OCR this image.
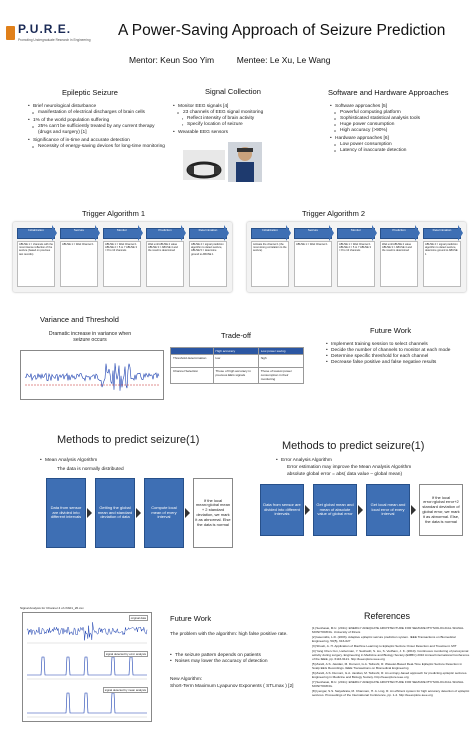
P.U.R.E.
Promoting Undergraduate Research in Engineering
A Power-Saving Approach of Seizure Prediction
Mentor: Keun Soo Yim	Mentee: Le Xu, Le Wang
Epileptic Seizure
• Brief neurological disturbance
o manifestation of electrical discharges of brain cells
• 1% of the world population suffering
o 25% can't be sufficiently treated by any current therapy (drugs and surgery) [1]
• Significance of in-time and accurate detection
o Necessity of energy-saving devices for long-time monitoring
Signal Collection
• Monitor EEG signals [4]
o 23 channels of EEG signal monitoring
▪ Reflect intensity of brain activity
▪ Specify location of seizure
• Wearable EEG sensors
Software and Hardware Approaches
• Software approaches [5]
o Powerful computing platform
o Sophisticated statistical analysis tools
o Huge power consumption
o High accuracy (>90%)
• Hardware approaches [6]
o Low power consumption
o Latency of inaccurate detection
Trigger Algorithm 1
Initialization
ABUSE 1 = channels with the most intense reflection of the seizure (based on previous test records)
Seizure
ABUSE 1 = Wait Channel 1
Monitor
ABUSE 1 = Wait Channel 1 ABUSE 2 = 5 to 7 ABUSE 3 = 8 to 10 channels
Prediction
Wait until ABUSE 2 value ABUSE 3 = ABUSE 4 and the result is determined
Determination
ABUSE 4 = signal prediction algorithm to detect seizure, ABUSE 5 = determine ground to ABUSE 1
Trigger Algorithm 2
Initialization
Activate the channel 1 (the most strong correlation to the seizure)
Seizure
ABUSE 1 = Wait Channel 1
Monitor
ABUSE 1 = Wait Channel 1 ABUSE 2 = 5 to 7 ABUSE 3 = 8 to 10 channels
Prediction
Wait until ABUSE 2 value ABUSE 3 = ABUSE 4 and the result is determined
Determination
ABUSE 4 = signal prediction algorithm to detect seizure, determine ground to ABUSE 1
Variance and Threshold
Dramatic increase in variance when seizure occurs	Trade-off
	High accuracy	Low power saving
Threshold determination	low	high
Channel Selection	Those of high accuracy in previous EEG signals	Those of lowest power consumption in their monitoring
Future Work
• Implement training session to select channels
• Decide the number of channels to monitor at each mode
• Determine specific threshold for each channel
• Decrease false positive and false negative results
Methods to predict seizure(1)
• Mean Analysis Algorithm
The data is normally distributed
Data from sensor are divided into different intervals
Getting the global mean and standard deviation of data
Compute local mean of every interval
If the local mean>global mean + 2 standard deviation, we mark it as abnormal. Else the data is normal
Methods to predict seizure(1)
• Error Analysis Algorithm
Error estimation may improve the Mean Analysis Algorithm
absolute global error = abs( data value – global mean)
Data from sensor are divided into different intervals
Get global mean and mean of absolute value of global error
Get local mean and local error of every interval
If the local error>global error+2 standard deviation of global error, we mark it as abnormal. Else, the data is normal
Signal Analysis for Channel 4 of chb01_26.csv
original data
signal detected by error analysis
signal detected by mean analysis
Future Work
The problem with the algorithm: high false positive rate.
• The seizure pattern depends on patients
• Noises may lower the accuracy of detection
New Algorithm:
Short-Term Maximum Lyapunov Exponents ( STLmax ) [2]
References
[1] Seshasai, M.U. (2011): ENERGY ADEQUATE ARCHITECTURE FOR SEIZURE PHYSIOLOGICAL SIGNAL MONITORING. University of Illinois
[2] Iasemidis, L.D. (2003). Adaptive epileptic seizure prediction system. IEEE Transactions on Biomedical Engineering, 50(5), 616-627
[3] Shoeb, A. H. Application of Machine Learning to Epileptic Seizure Onset Detection and Treatment. MIT
[4] Yang Chen-Yen, Lieberman, Y. Seshadri, S. Liu, S. Vedham, J. K. (2010). Continuous monitoring of paroxysmal activity during surgery. Engineering in Medicine and Biology Society (EMBC) 2010 Annual International Conference of the IEEE, pp. 6116-6121. http://ieeexplore.ieee.org
[5] Zandi, A.S. Javidan, M. Dumont, G.A. Tafreshi, R. Wavelet-Based Real-Time Epileptic Seizure Detection in Scalp EEG Recordings. IEEE Transactions on Biomedical Engineering
[6] Zandi, A.S. Dumont, G.A. Javidan, M. Tafreshi, R. An entropy-based approach for predicting epileptic seizures. Engineering in Medicine and Biology Society. http://ieeexplore.ieee.org
[7] Seshasai, M.U. (2011): ENERGY ADEQUATE ARCHITECTURE FOR SEIZURE PHYSIOLOGICAL SIGNAL MONITORING.
[8] Iyengar, S.S. Satyabrata, M. Channam, H. A. Ling, R. An efficient system for high accuracy detection of epileptic seizures. Proceedings of the International Conference, pp. 1-4. http://ieeexplore.ieee.org
